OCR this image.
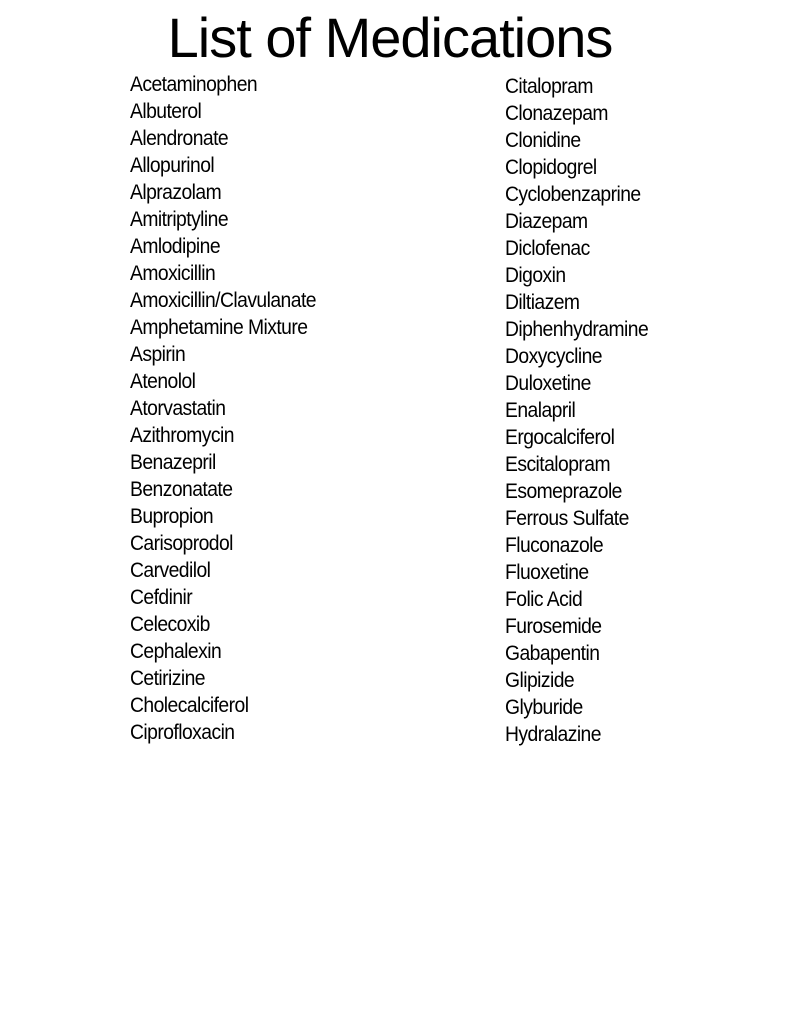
List of Medications
Acetaminophen
Albuterol
Alendronate
Allopurinol
Alprazolam
Amitriptyline
Amlodipine
Amoxicillin
Amoxicillin/Clavulanate
Amphetamine Mixture
Aspirin
Atenolol
Atorvastatin
Azithromycin
Benazepril
Benzonatate
Bupropion
Carisoprodol
Carvedilol
Cefdinir
Celecoxib
Cephalexin
Cetirizine
Cholecalciferol
Ciprofloxacin
Citalopram
Clonazepam
Clonidine
Clopidogrel
Cyclobenzaprine
Diazepam
Diclofenac
Digoxin
Diltiazem
Diphenhydramine
Doxycycline
Duloxetine
Enalapril
Ergocalciferol
Escitalopram
Esomeprazole
Ferrous Sulfate
Fluconazole
Fluoxetine
Folic Acid
Furosemide
Gabapentin
Glipizide
Glyburide
Hydralazine
